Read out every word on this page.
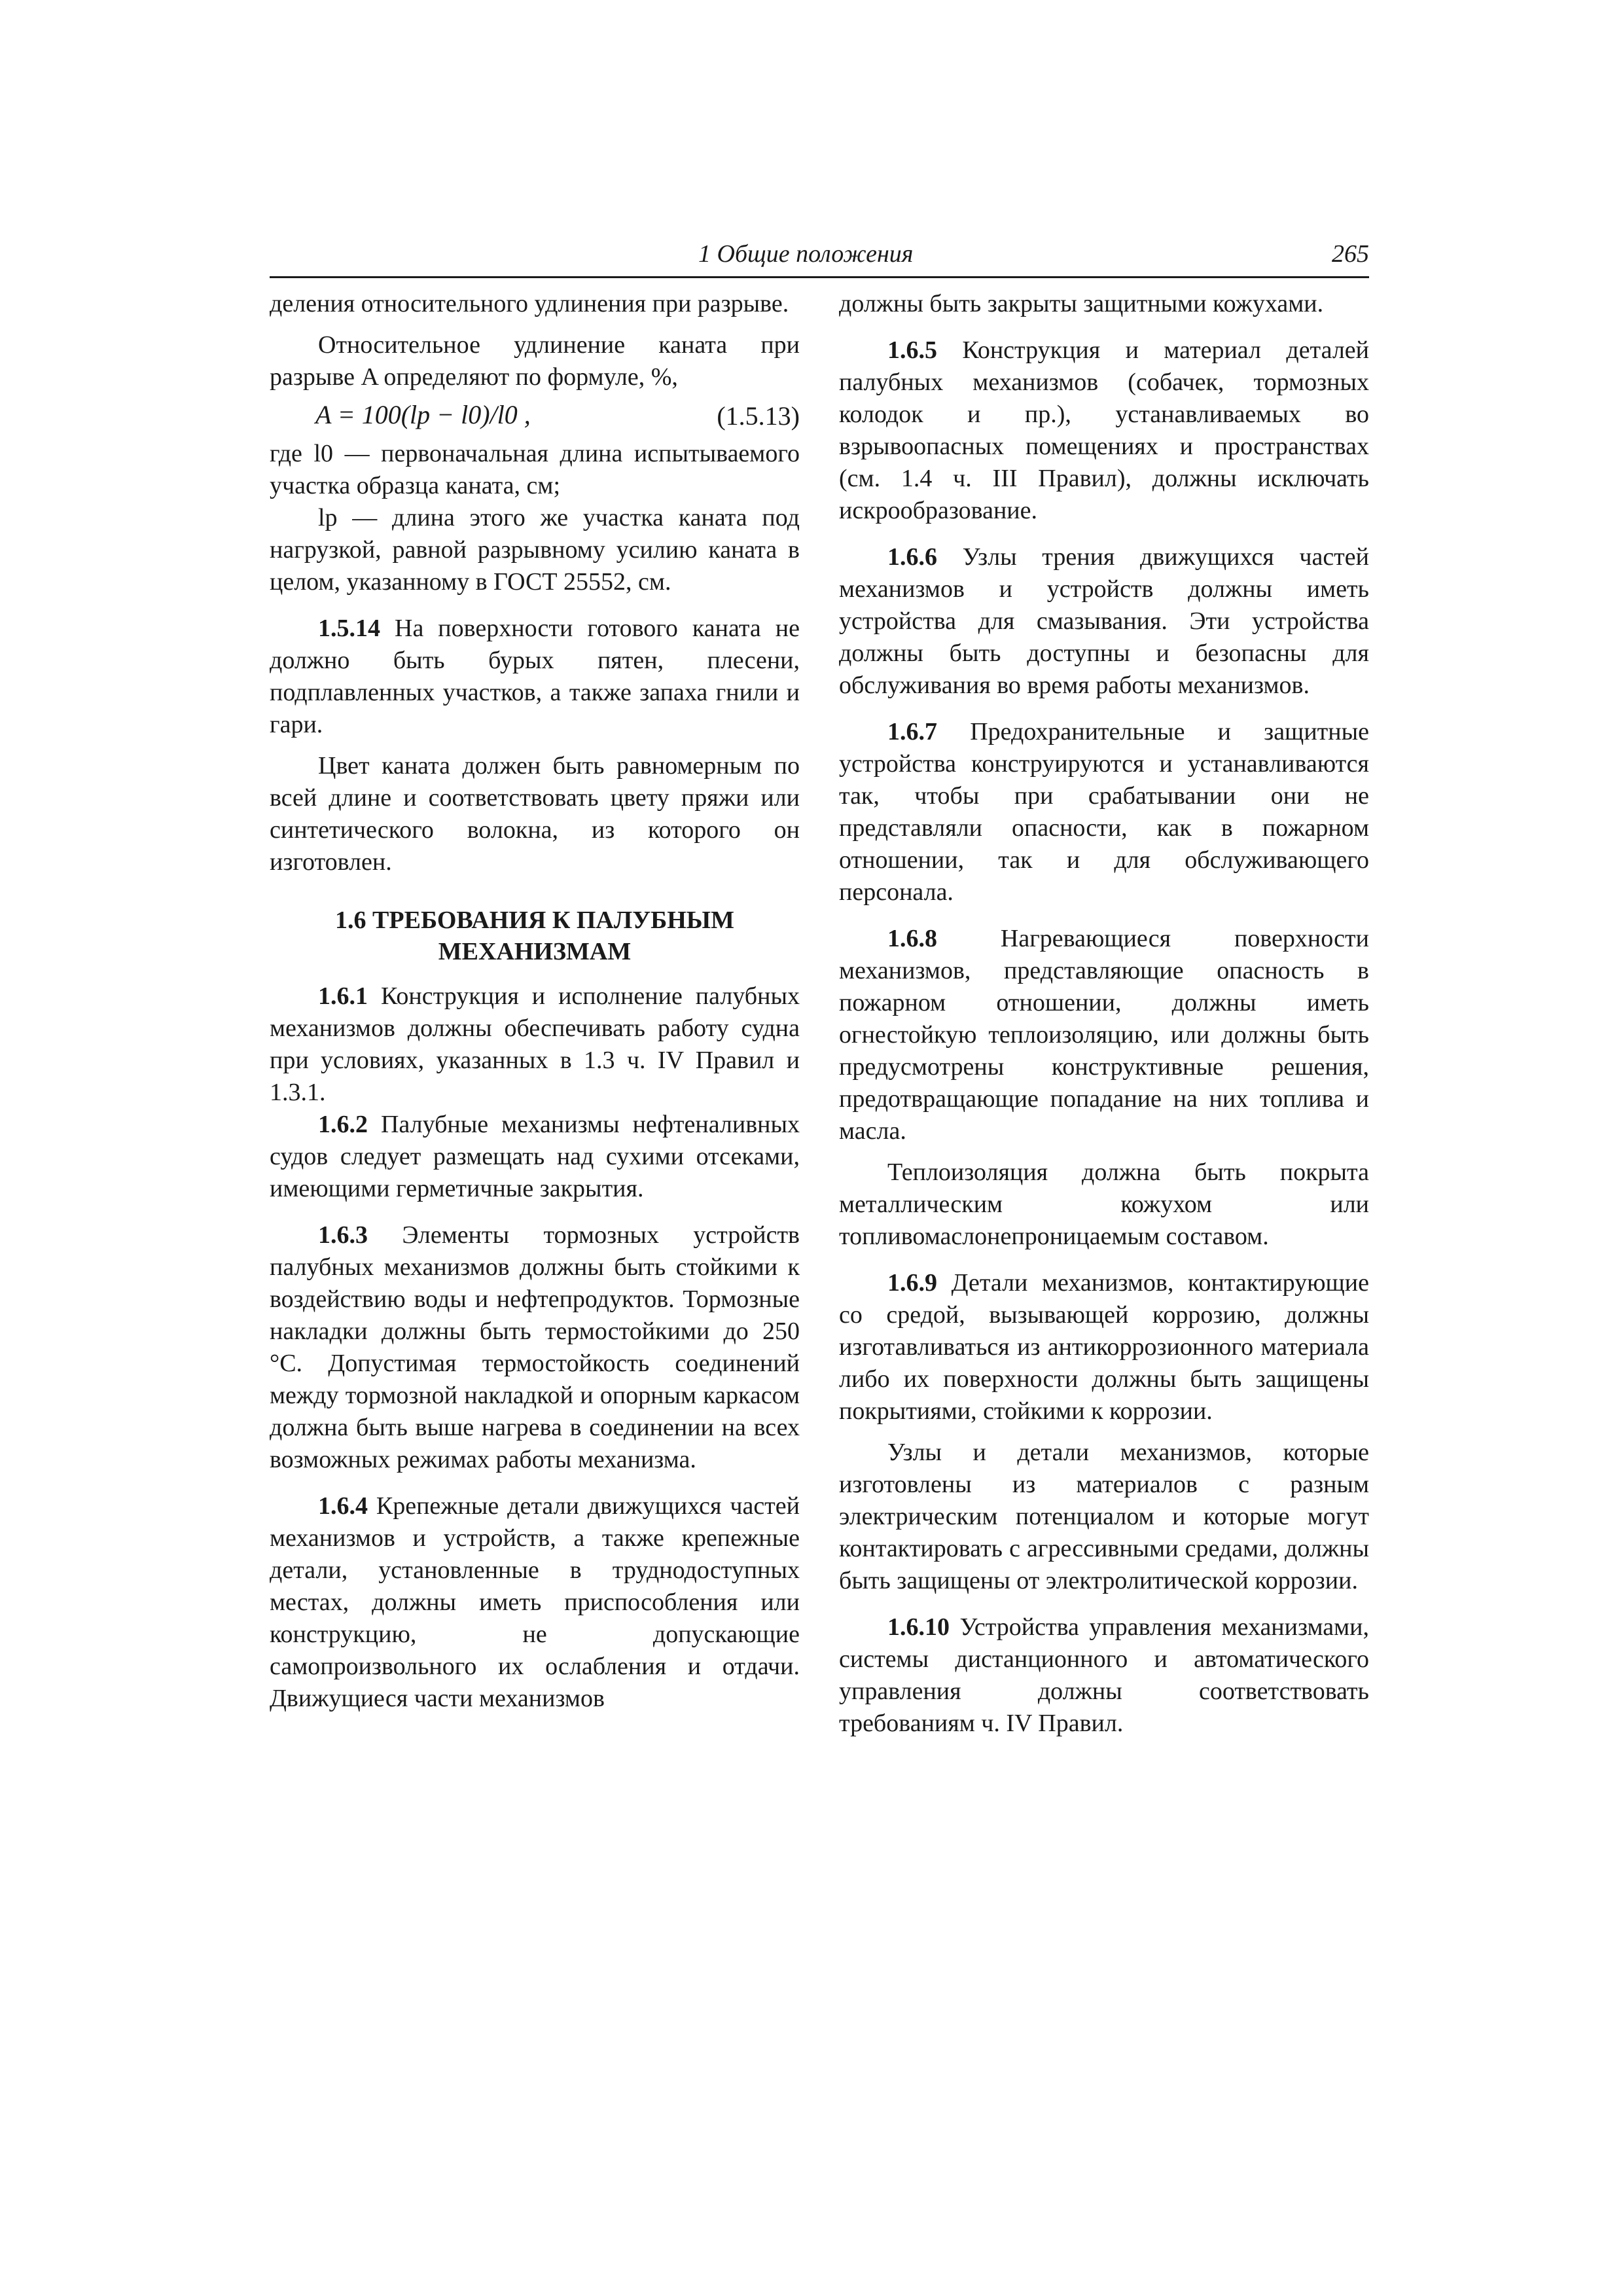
1 Общие положения	265

деления относительного удлинения при разрыве.

Относительное удлинение каната при разрыве A определяют по формуле, %,

A = 100(lр − l0)/l0 ,	(1.5.13)

где l0 — первоначальная длина испытываемого участка образца каната, см;

lр — длина этого же участка каната под нагрузкой, равной разрывному усилию каната в целом, указанному в ГОСТ 25552, см.

1.5.14 На поверхности готового каната не должно быть бурых пятен, плесени, подплавленных участков, а также запаха гнили и гари.

Цвет каната должен быть равномерным по всей длине и соответствовать цвету пряжи или синтетического волокна, из которого он изготовлен.

1.6 ТРЕБОВАНИЯ К ПАЛУБНЫМ
МЕХАНИЗМАМ

1.6.1 Конструкция и исполнение палубных механизмов должны обеспечивать работу судна при условиях, указанных в 1.3 ч. IV Правил и 1.3.1.

1.6.2 Палубные механизмы нефтеналивных судов следует размещать над сухими отсеками, имеющими герметичные закрытия.

1.6.3 Элементы тормозных устройств палубных механизмов должны быть стойкими к воздействию воды и нефтепродуктов. Тормозные накладки должны быть термостойкими до 250 °С. Допустимая термостойкость соединений между тормозной накладкой и опорным каркасом должна быть выше нагрева в соединении на всех возможных режимах работы механизма.

1.6.4 Крепежные детали движущихся частей механизмов и устройств, а также крепежные детали, установленные в труднодоступных местах, должны иметь приспособления или конструкцию, не допускающие самопроизвольного их ослабления и отдачи. Движущиеся части механизмов

должны быть закрыты защитными кожухами.

1.6.5 Конструкция и материал деталей палубных механизмов (собачек, тормозных колодок и пр.), устанавливаемых во взрывоопасных помещениях и пространствах (см. 1.4 ч. III Правил), должны исключать искрообразование.

1.6.6 Узлы трения движущихся частей механизмов и устройств должны иметь устройства для смазывания. Эти устройства должны быть доступны и безопасны для обслуживания во время работы механизмов.

1.6.7 Предохранительные и защитные устройства конструируются и устанавливаются так, чтобы при срабатывании они не представляли опасности, как в пожарном отношении, так и для обслуживающего персонала.

1.6.8 Нагревающиеся поверхности механизмов, представляющие опасность в пожарном отношении, должны иметь огнестойкую теплоизоляцию, или должны быть предусмотрены конструктивные решения, предотвращающие попадание на них топлива и масла.

Теплоизоляция должна быть покрыта металлическим кожухом или топливомаслонепроницаемым составом.

1.6.9 Детали механизмов, контактирующие со средой, вызывающей коррозию, должны изготавливаться из антикоррозионного материала либо их поверхности должны быть защищены покрытиями, стойкими к коррозии.

Узлы и детали механизмов, которые изготовлены из материалов с разным электрическим потенциалом и которые могут контактировать с агрессивными средами, должны быть защищены от электролитической коррозии.

1.6.10 Устройства управления механизмами, системы дистанционного и автоматического управления должны соответствовать требованиям ч. IV Правил.
